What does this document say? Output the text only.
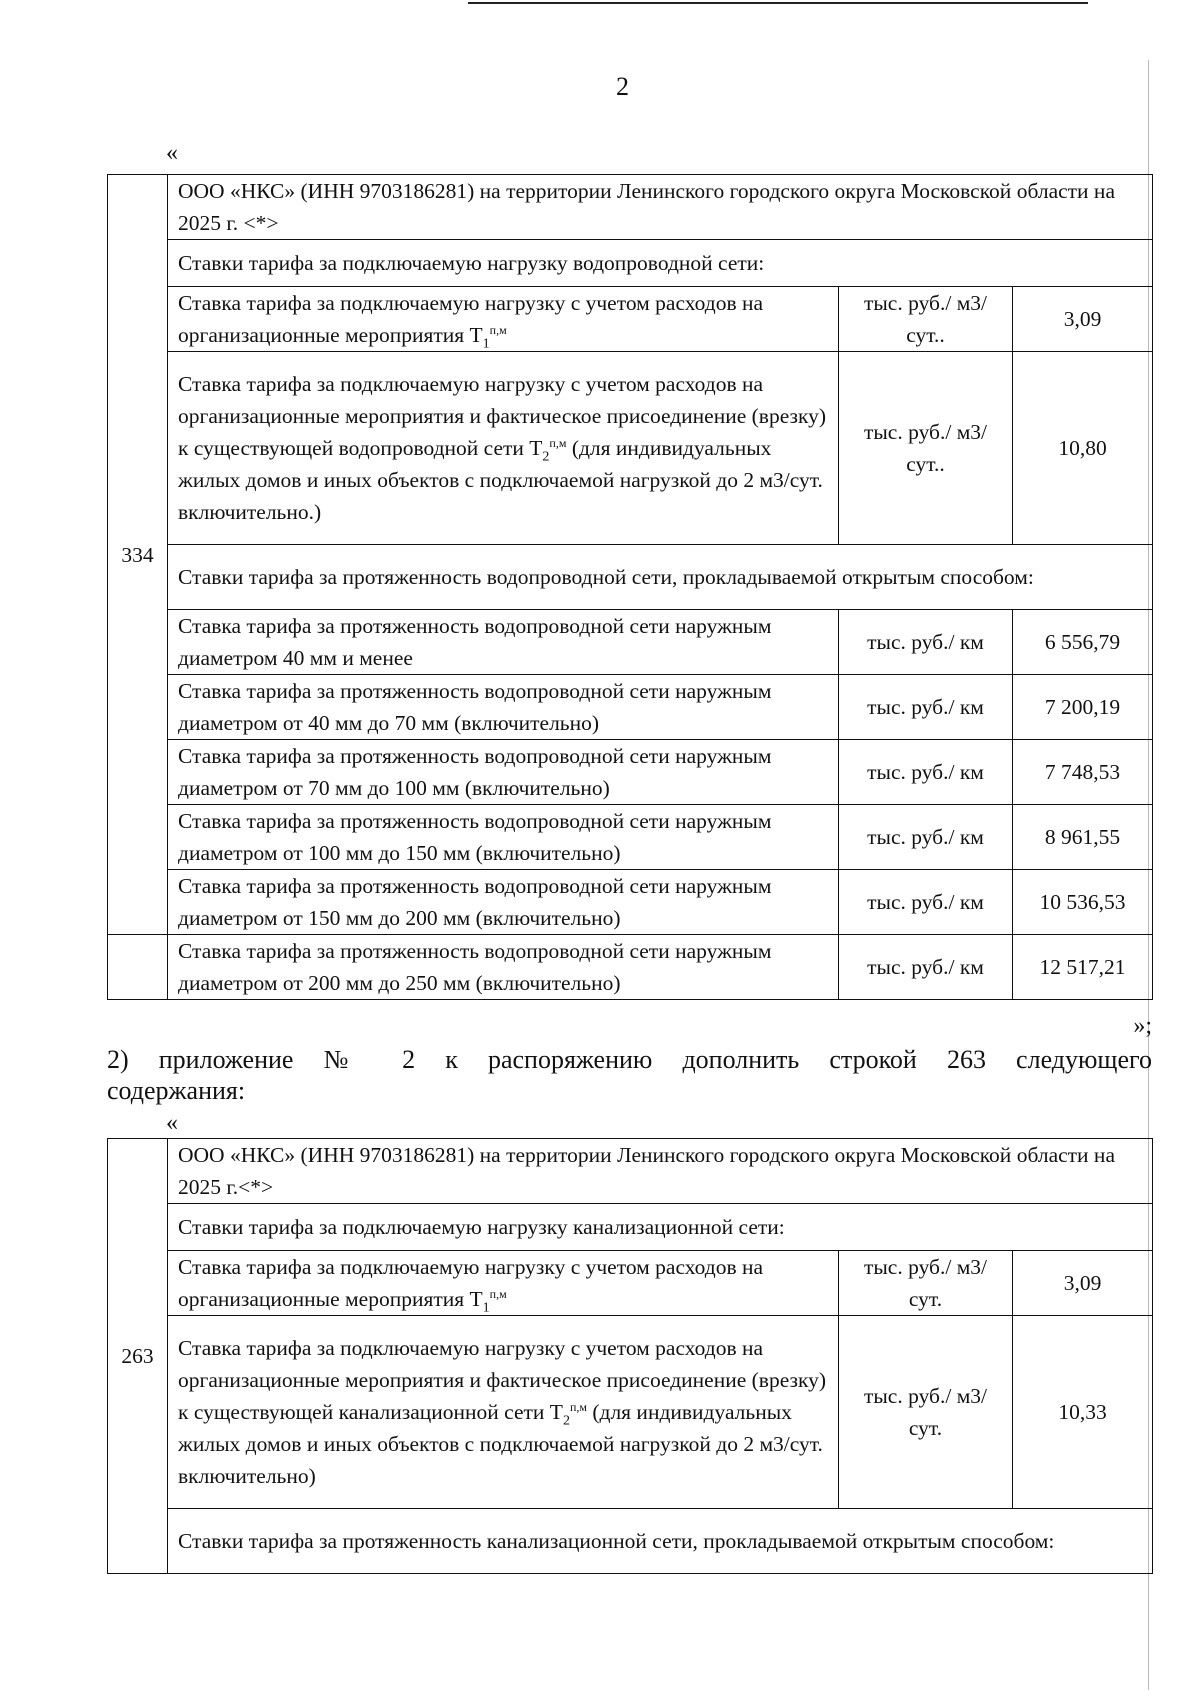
2
«
334	ООО «НКС» (ИНН 9703186281) на территории Ленинского городского округа Московской области на 2025 г. <*>		
	Ставки тарифа за подключаемую нагрузку водопроводной сети:		
	Ставка тарифа за подключаемую нагрузку с учетом расходов на организационные мероприятия $Т_1^{п,м}$	тыс. руб./ м3/сут..	3,09
	Ставка тарифа за подключаемую нагрузку с учетом расходов на организационные мероприятия и фактическое присоединение (врезку) к существующей водопроводной сети $Т_2^{п,м}$ (для индивидуальных жилых домов и иных объектов с подключаемой нагрузкой до 2 м3/сут. включительно.)	тыс. руб./ м3/сут..	10,80
	Ставки тарифа за протяженность водопроводной сети, прокладываемой открытым способом:		
	Ставка тарифа за протяженность водопроводной сети наружным диаметром 40 мм и менее	тыс. руб./ км	6 556,79
	Ставка тарифа за протяженность водопроводной сети наружным диаметром от 40 мм до 70 мм (включительно)	тыс. руб./ км	7 200,19
	Ставка тарифа за протяженность водопроводной сети наружным диаметром от 70 мм до 100 мм (включительно)	тыс. руб./ км	7 748,53
	Ставка тарифа за протяженность водопроводной сети наружным диаметром от 100 мм до 150 мм (включительно)	тыс. руб./ км	8 961,55
	Ставка тарифа за протяженность водопроводной сети наружным диаметром от 150 мм до 200 мм (включительно)	тыс. руб./ км	10 536,53
	Ставка тарифа за протяженность водопроводной сети наружным диаметром от 200 мм до 250 мм (включительно)	тыс. руб./ км	12 517,21
»;
2) приложение № 2 к распоряжению дополнить строкой 263 следующего
содержания:
«
263	ООО «НКС» (ИНН 9703186281) на территории Ленинского городского округа Московской области на 2025 г.<*>		
	Ставки тарифа за подключаемую нагрузку канализационной сети:		
	Ставка тарифа за подключаемую нагрузку с учетом расходов на организационные мероприятия $Т_1^{п,м}$	тыс. руб./ м3/сут.	3,09
	Ставка тарифа за подключаемую нагрузку с учетом расходов на организационные мероприятия и фактическое присоединение (врезку) к существующей канализационной сети $Т_2^{п,м}$ (для индивидуальных жилых домов и иных объектов с подключаемой нагрузкой до 2 м3/сут. включительно)	тыс. руб./ м3/сут.	10,33
	Ставки тарифа за протяженность канализационной сети, прокладываемой открытым способом:		
